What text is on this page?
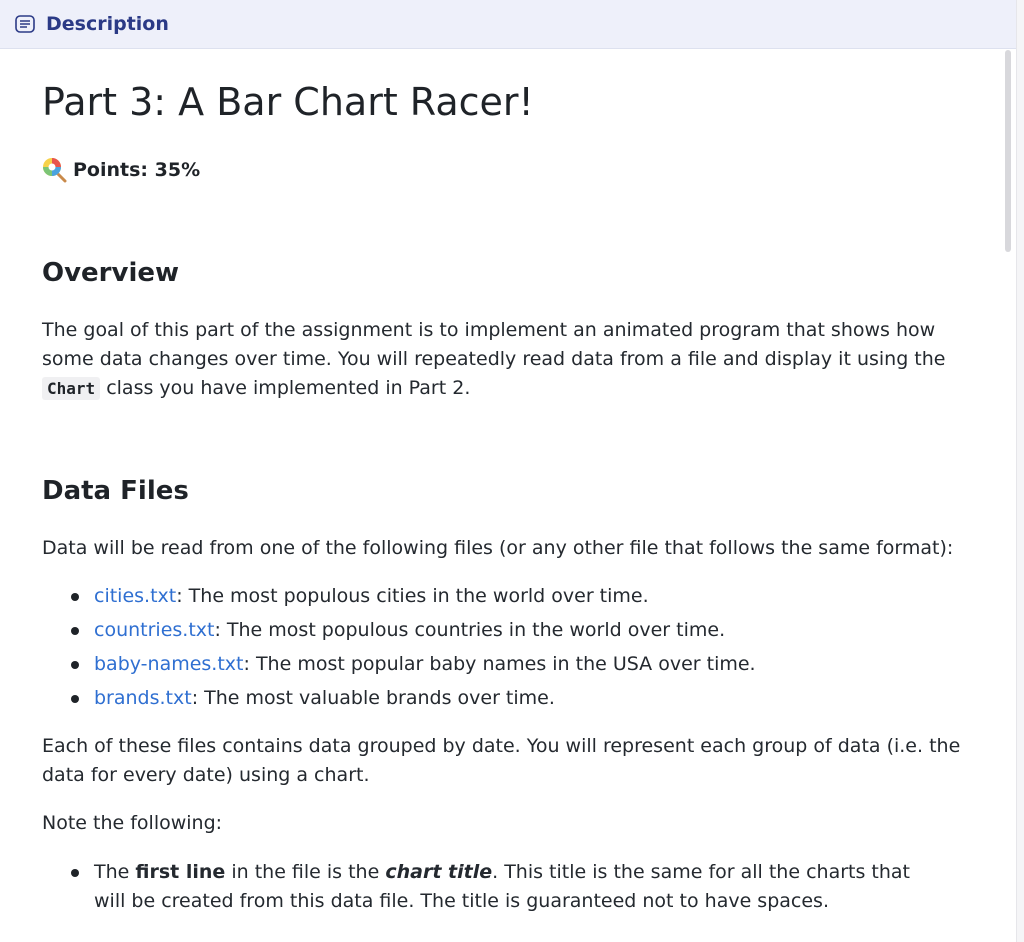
Description
Part 3: A Bar Chart Racer!
Points: 35%
Overview
The goal of this part of the assignment is to implement an animated program that shows how some data changes over time. You will repeatedly read data from a file and display it using the Chart class you have implemented in Part 2.
Data Files
Data will be read from one of the following files (or any other file that follows the same format):
cities.txt: The most populous cities in the world over time.
countries.txt: The most populous countries in the world over time.
baby-names.txt: The most popular baby names in the USA over time.
brands.txt: The most valuable brands over time.
Each of these files contains data grouped by date. You will represent each group of data (i.e. the data for every date) using a chart.
Note the following:
The first line in the file is the chart title. This title is the same for all the charts that will be created from this data file. The title is guaranteed not to have spaces.
